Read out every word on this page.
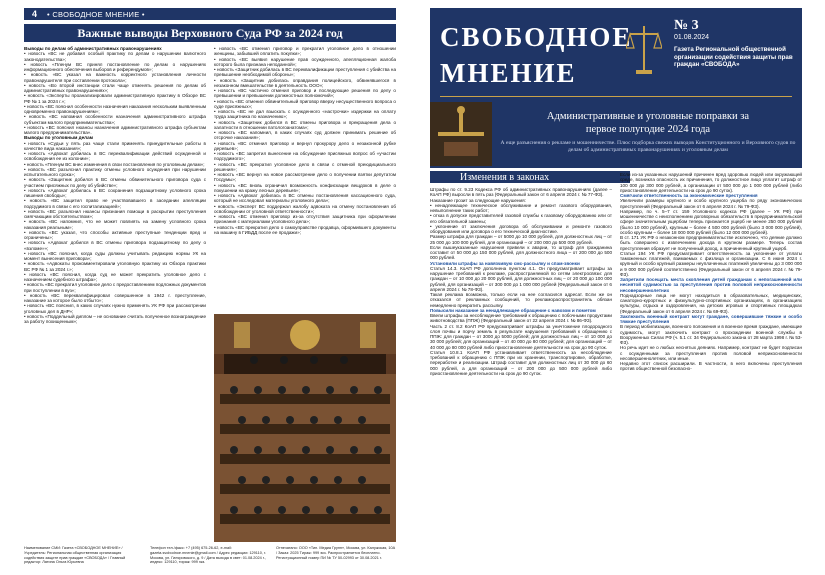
4 • СВОБОДНОЕ МНЕНИЕ •
Важные выводы Верховного Суда РФ за 2024 год

Выводы по делам об административных правонарушениях

• новость «ВС не добавил особый практику по делам о нарушении валютного законодательства»;

• новость «Пленум ВС принял постановление по делам о нарушениях информационного обеспечения выборов и референдумов»;

• новость «ВС указал на важность корректного установления личности правонарушителя при составлении протокола»;

• новость «Во второй инстанции стали чаще отменять решения по делам об административных правонарушениях»;

• новость «Эксперты проанализировали административную практику в Обзоре ВС РФ № 1 за 2024 г.»;

• новость «ВС пояснил особенности назначения наказания нескольким выявленным одновременно правонарушениям»;

• новость «ВС напомнил особенности назначения административного штрафа субъектам малого предпринимательства»;

• новость «ВС пояснил нюансы назначения административного штрафа субъектам малого предпринимательства».

Выводы по уголовным делам

• новость «Судьи у пять раз чаще стали применять принудительные работы в качестве вида наказания»;

• новость «Адвокат добилась в ВС переквалификации действий осужденной и освобождения ее из колонии»;

• новость «Пленум ВС внес изменения в свои постановления по уголовным делам»;

• новость «ВС разъяснил практику отмены условного осуждения при нарушении испытательного срока»;

• новость «Защитник добился в ВС отмены обвинительного приговора суда с участием присяжных по делу об убийстве»;

• новость «Адвокат добилась в ВС сохранения подзащитному условного срока лишения свободы»;

• новость «ВС защитил право не участвовавшего в заседании апелляции подсудимого в связи с его госпитализацией»;

• новость «ВС разъяснил нюансы признания помощи в раскрытии преступления смягчающим обстоятельством»;

• новость «ВС напомнил, что не может повлиять на замену условного срока наказания реальным»;

• новость «ВС указал, что способы активные преступные тенденции вред и ограничены»;

• новость «Адвокат добился в ВС отмены приговора подзащитному по делу о «взломе»»;

• новость «ВС пояснил, когда суды должны учитывать редакцию нормы УК на момент вынесения приговора»;

• новость «Адвокаты прокомментировали уголовную практику из Обзора практики ВС РФ № 1 за 2024 г.»;

• новость «ВС пояснил, когда суд не может прекратить уголовное дело с назначением судебного штрафа»;

• новость «ВС прекратил уголовное дело с предоставлением подложных документов при поступлении в вуз»;

• новость «ВС переквалифицировал совершенное в 1942 г. преступление, наказание за которое было отбыто»;

• новость «ВС пояснил, в каких случаях нужно применять УК РФ при рассмотрении уголовных дел в ДНР»;

• новость «Поддельный диплом – не основание считать полученное вознаграждение за работу похищенным»;

• новость «ВС отменил приговор и прекратил уголовное дело в отношении женщины, забывшей оплатить покупки»;

• новость «ВС выявил нарушение прав осужденного, апелляционная жалоба которого была признана неподанной»;

• новость «Защитник добилась в ВС переквалификации преступления с убийства на превышение необходимой обороны»;

• новость «Защитник добилась оправдания полицейского, обвинявшегося в незаконном вмешательстве в деятельность ООО»;

• новость «ВС частично отменил приговор и последующие решения по делу о превышении и превышении должностных полномочий»;

• новость «ВС отменил обвинительный приговор вверху несущественного вопроса о суде присяжных»;

• новость «ВС не дал взыскать с осужденного «настрочки» издержки на оплату труда защитника по назначению»;

• новость «Защитник добился в ВС отмены приговора и прекращения дела о халатности в отношении патологоанатома»;

• новость «ВС напомнил, в каких случаях суд должен принимать решение об отсрочке наказания»;

• новость «ВС отменил приговор и вернул прокурору дело о незаконной рубке деревьев»;

• новость «ВС запретил вынесение на обсуждение присяжных вопрос об «участии подсудимого»;

• новость «ВС прекратил уголовное дело в связи с отменой преюдициального решения»;

• новость «ВС вернул на новое рассмотрение дело о получении взятки депутатом Госдумы»;

• новость «ВС вновь ограничил возможность конфискации вещдоков в деле о покушении на кражу лесных деревьев»;

• новость «Адвокат добилась в ВС отмены постановления кассационного суда, который не исследовал материалы уголовного дела»;

• новость «Эксперт ВС поддержал жалобу адвоката на отмену постановления об освобождении от уголовной ответственности»;

• новость «ВС отменил приговор из-за отсутствия защитника при оформлении признания с материалами уголовного дела»;

• новость «ВС прекратил дело о самоуправстве продавца, оформившего документы на машину в ГИБДД после ее продажи»;

Наименование СМИ: Газета «СВОБОДНОЕ МНЕНИЕ» / Учредитель: Региональная общественная организация содействия защите прав граждан «СВОБОДА» / Главный редактор: Латина Ольга Юрьевна
Телефон тел./факс: +7 (495) 675-26-62, e-mail: gazeta.svobodnoe.mnenie@gmail.com / Адрес редакции: 129110, г. Москва, ул. Гиляровского, д. 9 / Дата выхода в свет: 01.08.2024 г., индекс: 129110, тираж: 999 экз.
Отпечатано: ООО «Тип. Медиа Групп», Москва, ул. Калужская, 10А / Заказ: 2025 Тираж: 999 экз. Распространяется бесплатно. Регистрационный номер ПИ № ТУ 50-02993 от 30.08.2021 г.
СВОБОДНОЕ
МНЕНИЕ
№ 3
01.08.2024
Газета Региональной общественной организации содействия защиты прав граждан «СВОБОДА»
Административные и уголовные поправки за
первое полугодие 2024 года
А еще разъяснения о рекламе и мошенничестве. Плюс подборка свежих выводов Конституционного и Верховного судов по делам об административных правонарушениях и уголовным делам
Изменения в законах

Штрафы по ст. 9.23 Кодекса РФ об административных правонарушениях (далее – КоАП РФ) выросли в пять раз (Федеральный закон от 6 апреля 2024 г. № 77-ФЗ).

Наказание грозит за следующие нарушения:

• ненадлежащее техническое обслуживание и ремонт газового оборудования, невыполнение таких работ;

• отказ в допуске представителей газовой службы к газовому оборудованию или от его обязательной замены;

• уклонение от заключения договора об обслуживании и ремонте газового оборудования или договора о его технической диагностике.

Размер штрафа для граждан – от 5000 до 10 000 рублей, для должностных лиц – от 25 000 до 100 000 рублей, для организаций – от 200 000 до 500 000 рублей.

Если вышеуказанные нарушения привели к аварии, то штраф для гражданина составит от 50 000 до 150 000 рублей, для должностного лица – от 200 000 до 500 000 рублей.

Установили штрафы за навязчивую смс-рассылку и спам-звонки

Статья 14.3. КоАП РФ дополнена пунктом 4.1. Он предусматривает штрафы за нарушение требований к рекламе, распространяемой по сетям электросвязи: для граждан – от 10 000 до 20 000 рублей, для должностных лиц – от 20 000 до 100 000 рублей, для организаций – от 300 000 до 1 000 000 рублей (Федеральный закон от 6 апреля 2024 г. № 78-ФЗ).

Такая реклама возможна, только если на нее согласился адресат. Если же он отказался от рекламных сообщений, то рекламораспространитель обязан немедленно прекратить рассылку.

Повысили наказание за ненадлежащее обращение с навозом и пометом

Ввели штрафы за несоблюдение требований к обращению с побочными продуктами животноводства (ППЖ) (Федеральный закон от 22 апреля 2024 г. № 86-ФЗ).

Часть 2 ст. 8.2 КоАП РФ предусматривает штрафы за уничтожение плодородного слоя почвы и порчу земель в результате нарушения требований к обращению с ППЖ: для граждан – от 3000 до 5000 рублей; для должностных лиц – от 10 000 до 30 000 рублей; для организаций – от 40 000 до 80 000 рублей; для организаций – от 40 000 до 80 000 рублей либо приостановление деятельности на срок до 90 суток.

Статья 10.8.1 КоАП РФ устанавливает ответственность за несоблюдение требований к обращению с ППЖ при их хранении, транспортировке, обработке, переработке и реализации. Штраф составит для должностных лиц от 30 000 до 60 000 рублей, а для организаций – от 200 000 до 500 000 рублей либо приостановление деятельности на срок до 90 суток.

Если из-за указанных нарушений причинен вред здоровью людей или окружающей среде, возникла опасность их причинения, то должностное лицо уплатит штраф от 100 000 до 300 000 рублей, а организации от 500 000 до 1 000 000 рублей (либо приостановление деятельности на срок до 90 суток).

Смягчили ответственность за экономические преступления

Увеличили размеры крупного и особо крупного ущерба по ряду экономических преступлений (Федеральный закон от 6 апреля 2024 г. № 79-ФЗ).

Например, по ч. 5–7 ст. 159 Уголовного кодекса РФ (далее – УК РФ) при мошенничестве с неисполнением договорных обязательств в предпринимательской сфере значительным ущербом теперь признается ущерб не менее 250 000 рублей (было 10 000 рублей), крупным – более 4 500 000 рублей (было 3 000 000 рублей), особо крупным – более 18 000 000 рублей (было 12 000 000 рублей).

В ст. 171 УК РФ о незаконном предпринимательстве исключено, что деяние должно быть совершено с извлечением дохода в крупном размере. Теперь состав преступления образует не полученный доход, а причиненный крупный ущерб.

Статьи 194 УК РФ предусматривает ответственность за уклонение от уплаты таможенных платежей, взимаемых с физлица и организации. С 6 июня 2024 г. крупный и особо крупный размеры неуплаченных платежей увеличены до 3 000 000 и 9 000 000 рублей соответственно (Федеральный закон от 6 апреля 2024 г. № 79-ФЗ).

Запретили посещать места скопления детей гражданам с непогашенной или неснятой судимостью за преступления против половой неприкосновенности несовершеннолетних

Поднадзорные лица не могут находиться в образовательных, медицинских, санаторно-курортных и физкультурно-спортивных организациях, в организациях культуры, отдыха и оздоровления, на детских игровых и спортивных площадках (Федеральный закон от 6 апреля 2024 г. № 69-ФЗ).

Заключить военный контракт могут граждане, совершившие тяжкие и особо тяжкие преступления

В период мобилизации, военного положения и в военное время граждане, имеющие судимость, могут заключить контракт о прохождении военной службы в Вооруженных Силах РФ (ч. 5.1 ст. 34 Федерального закона от 28 марта 1998 г. № 53-ФЗ).

Но речь идет не о любых неснятых деяниях. Например, контракт не будет подписан с осужденными за преступления против половой неприкосновенности несовершеннолетних, или иные.

Недавно этот список расширили. В частности, в него включены преступления против общественной безопасно-
